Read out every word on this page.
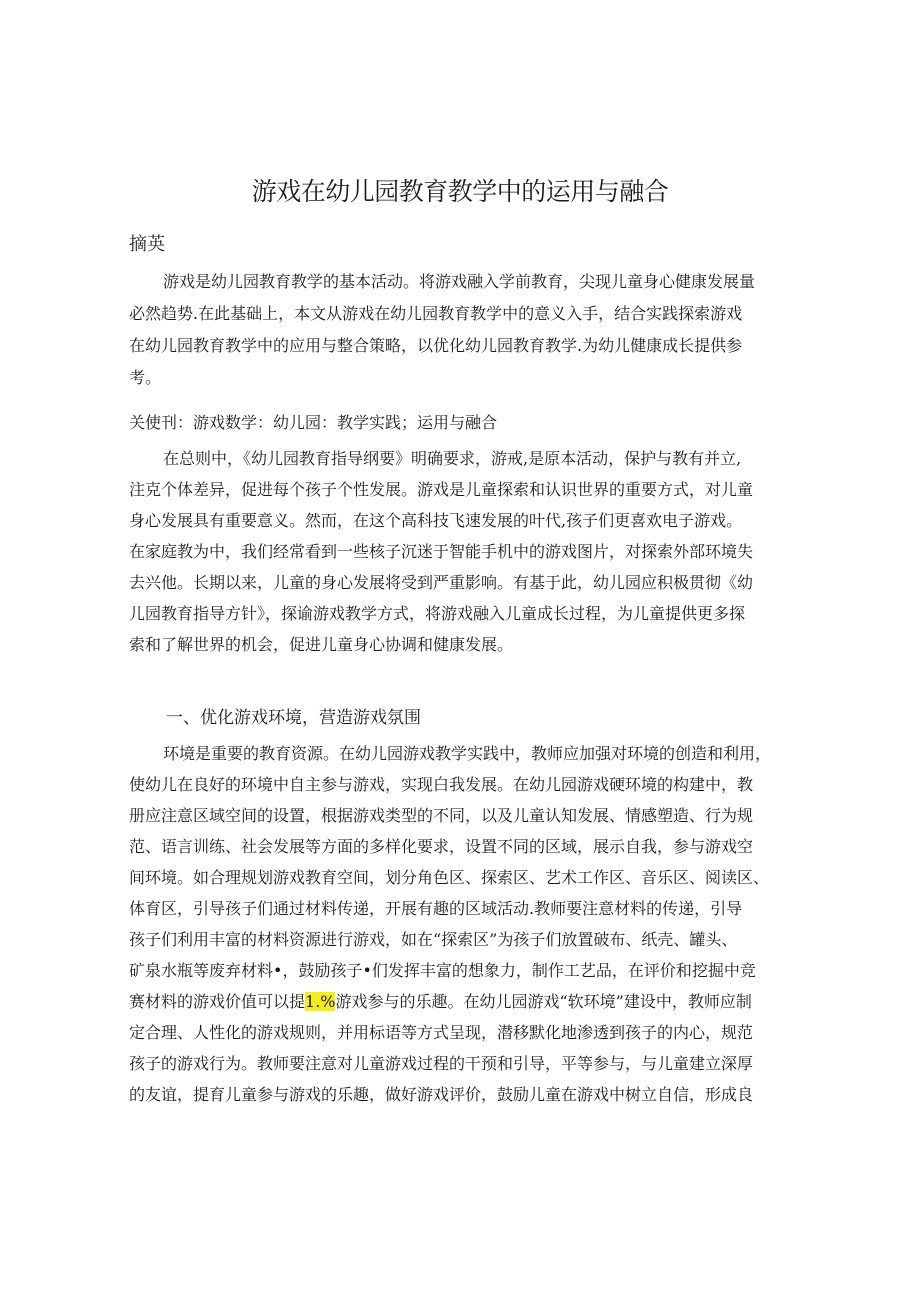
游戏在幼儿园教育教学中的运用与融合
摘英
游戏是幼儿园教育教学的基本活动。将游戏融入学前教育，尖现儿童身心健康发展量
必然趋势.在此基础上，本文从游戏在幼儿园教育教学中的意义入手，结合实践探索游戏
在幼儿园教育教学中的应用与整合策略，以优化幼儿园教育教学.为幼儿健康成长提供参
考。
关使刊：游戏数学：幼儿园：教学实践；运用与融合
在总则中，《幼儿园教育指导纲要》明确要求，游戒,是原本活动，保护与教有并立,
注克个体差异，促进每个孩子个性发展。游戏是儿童探索和认识世界的重要方式，对儿童
身心发展具有重要意义。然而，在这个高科技飞速发展的叶代,孩子们更喜欢电子游戏。
在家庭教为中，我们经常看到一些核子沉迷于智能手机中的游戏图片，对探索外部环境失
去兴他。长期以来，儿童的身心发展将受到严重影响。有基于此，幼儿园应积极贯彻《幼
儿园教育指导方针》，探谕游戏教学方式，将游戏融入儿童成长过程，为儿童提供更多探
索和了解世界的机会，促进儿童身心协调和健康发展。
一、优化游戏环境，营造游戏氛围
环境是重要的教育资源。在幼儿园游戏教学实践中，教师应加强对环境的创造和利用，
使幼儿在良好的环境中自主参与游戏，实现白我发展。在幼儿园游戏硬环境的构建中，教
册应注意区域空间的设置，根据游戏类型的不同，以及儿童认知发展、情感塑造、行为规
范、语言训练、社会发展等方面的多样化要求，设置不同的区域，展示自我，参与游戏空
间环境。如合理规划游戏教育空间，划分角色区、探索区、艺术工作区、音乐区、阅读区、
体育区，引导孩子们通过材料传递，开展有趣的区域活动.教师要注意材料的传递，引导
孩子们利用丰富的材料资源进行游戏，如在“探索区”为孩子们放置破布、纸壳、罐头、
矿泉水瓶等废弃材料•，鼓励孩子•们发挥丰富的想象力，制作工艺品，在评价和挖掘中竞
赛材料的游戏价值可以提1.%游戏参与的乐趣。在幼儿园游戏“软环境”建设中，教师应制
定合理、人性化的游戏规则，并用标语等方式呈现，潜移默化地渗透到孩子的内心，规范
孩子的游戏行为。教师要注意对儿童游戏过程的干预和引导，平等参与，与儿童建立深厚
的友谊，提育儿童参与游戏的乐趣，做好游戏评价，鼓励儿童在游戏中树立自信，形成良
